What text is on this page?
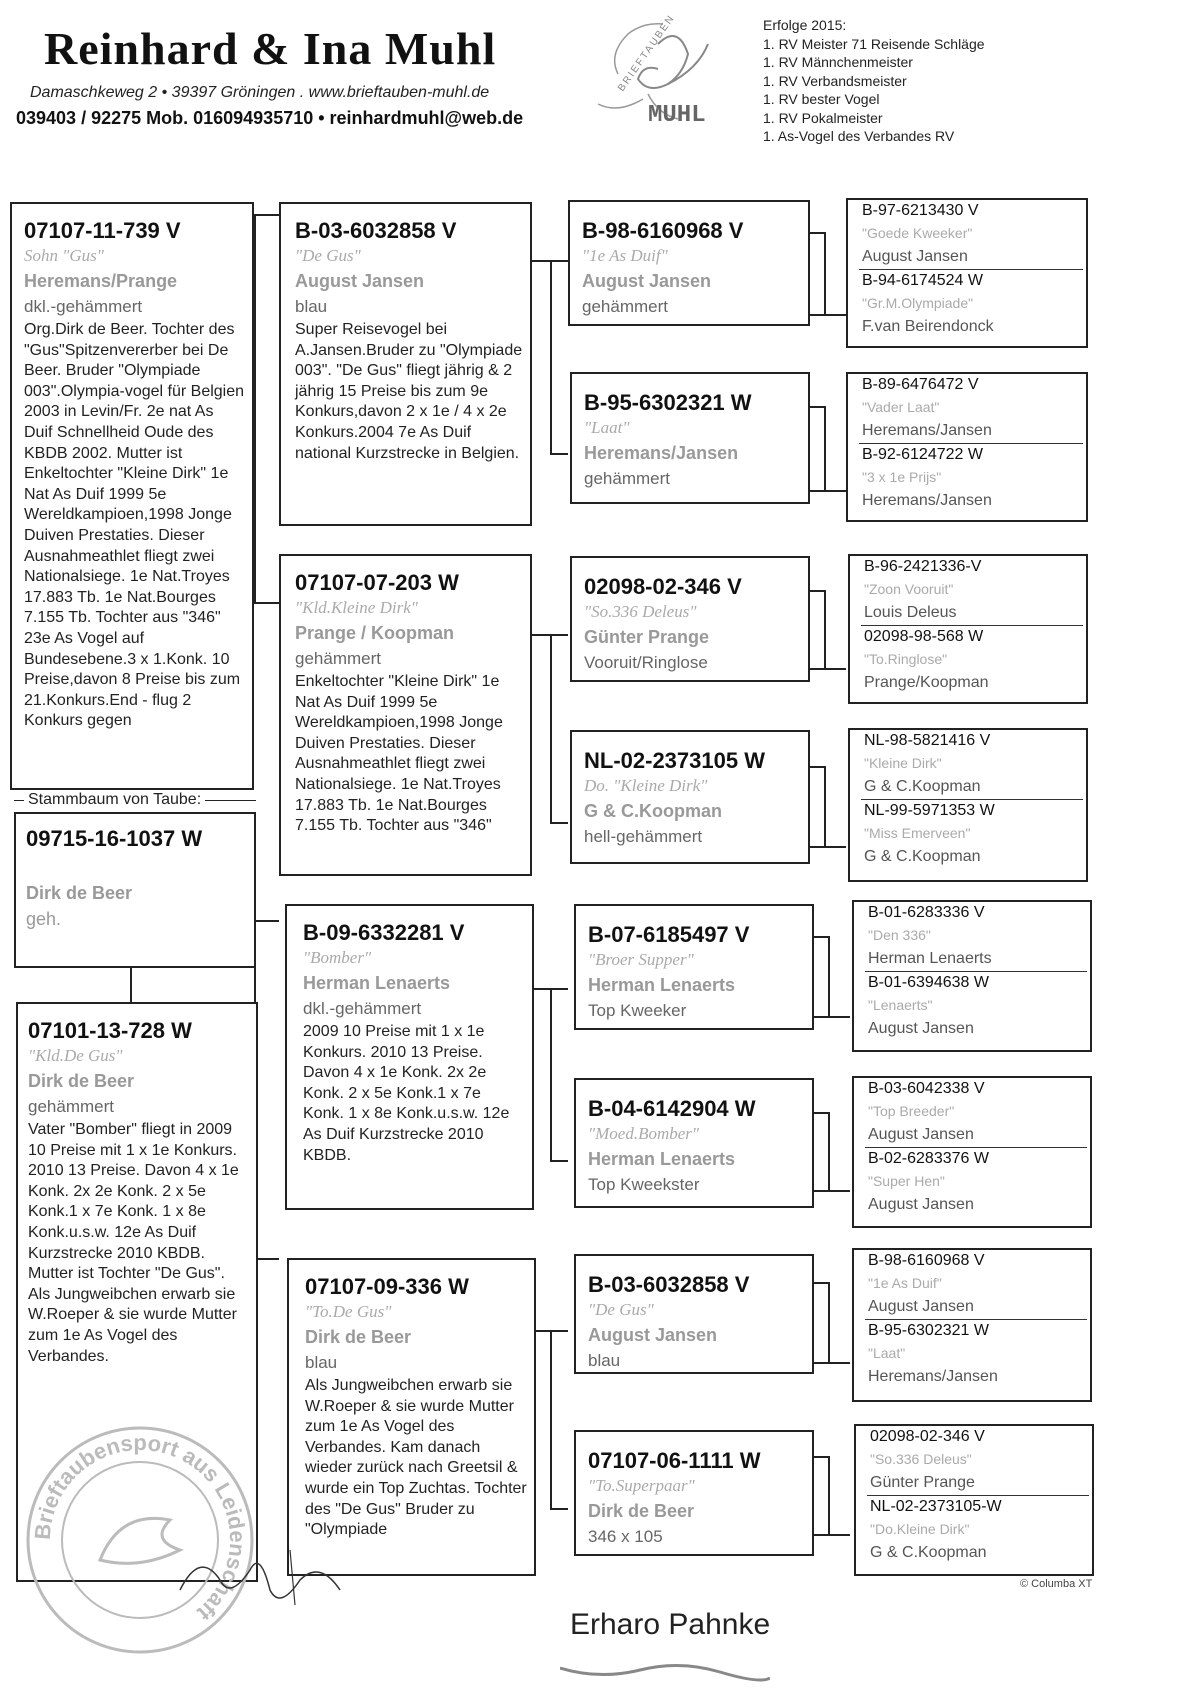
Reinhard & Ina Muhl
Damaschkeweg 2 • 39397 Gröningen . www.brieftauben-muhl.de
039403 / 92275 Mob. 016094935710 • reinhardmuhl@web.de
BRIEFTAUBEN
MUHL
Erfolge 2015:
1. RV Meister 71 Reisende Schläge
1. RV Männchenmeister
1. RV Verbandsmeister
1. RV bester Vogel
1. RV Pokalmeister
1. As-Vogel des Verbandes RV
07107-11-739 V
Sohn "Gus"
Heremans/Prange
dkl.-gehämmert
Org.Dirk de Beer. Tochter des "Gus"Spitzenvererber bei De Beer. Bruder "Olympiade 003".Olympia-vogel für Belgien 2003 in Levin/Fr. 2e nat As Duif Schnellheid Oude des KBDB 2002. Mutter ist Enkeltochter "Kleine Dirk" 1e Nat As Duif 1999 5e Wereldkampioen,1998 Jonge Duiven Prestaties. Dieser Ausnahmeathlet fliegt zwei Nationalsiege. 1e Nat.Troyes 17.883 Tb. 1e Nat.Bourges 7.155 Tb. Tochter aus "346" 23e As Vogel auf Bundesebene.3 x 1.Konk. 10 Preise,davon 8 Preise bis zum 21.Konkurs.End - flug 2 Konkurs gegen
Stammbaum von Taube:
09715-16-1037 W
Dirk de Beer
geh.
07101-13-728 W
"Kld.De Gus"
Dirk de Beer
gehämmert
Vater "Bomber" fliegt in 2009 10 Preise mit 1 x 1e Konkurs. 2010 13 Preise. Davon 4 x 1e Konk. 2x 2e Konk. 2 x 5e Konk.1 x 7e Konk. 1 x 8e Konk.u.s.w. 12e As Duif Kurzstrecke 2010 KBDB. Mutter ist Tochter "De Gus". Als Jungweibchen erwarb sie W.Roeper & sie wurde Mutter zum 1e As Vogel des Verbandes.
B-03-6032858 V
"De Gus"
August Jansen
blau
Super Reisevogel bei A.Jansen.Bruder zu "Olympiade 003". "De Gus" fliegt jährig & 2 jährig 15 Preise bis zum 9e Konkurs,davon 2 x 1e / 4 x 2e Konkurs.2004 7e As Duif national Kurzstrecke in Belgien.
07107-07-203 W
"Kld.Kleine Dirk"
Prange / Koopman
gehämmert
Enkeltochter "Kleine Dirk" 1e Nat As Duif 1999 5e Wereldkampioen,1998 Jonge Duiven Prestaties. Dieser Ausnahmeathlet fliegt zwei Nationalsiege. 1e Nat.Troyes 17.883 Tb. 1e Nat.Bourges 7.155 Tb. Tochter aus "346"
B-09-6332281 V
"Bomber"
Herman Lenaerts
dkl.-gehämmert
2009 10 Preise mit 1 x 1e Konkurs. 2010 13 Preise. Davon 4 x 1e Konk. 2x 2e Konk. 2 x 5e Konk.1 x 7e Konk. 1 x 8e Konk.u.s.w. 12e As Duif Kurzstrecke 2010 KBDB.
07107-09-336 W
"To.De Gus"
Dirk de Beer
blau
Als Jungweibchen erwarb sie W.Roeper & sie wurde Mutter zum 1e As Vogel des Verbandes. Kam danach wieder zurück nach Greetsil & wurde ein Top Zuchtas. Tochter des "De Gus" Bruder zu "Olympiade
B-98-6160968 V
"1e As Duif"
August Jansen
gehämmert
B-95-6302321 W
"Laat"
Heremans/Jansen
gehämmert
02098-02-346 V
"So.336 Deleus"
Günter Prange
Vooruit/Ringlose
NL-02-2373105 W
Do. "Kleine Dirk"
G & C.Koopman
hell-gehämmert
B-07-6185497 V
"Broer Supper"
Herman Lenaerts
Top Kweeker
B-04-6142904 W
"Moed.Bomber"
Herman Lenaerts
Top Kweekster
B-03-6032858 V
"De Gus"
August Jansen
blau
07107-06-1111 W
"To.Superpaar"
Dirk de Beer
346 x 105
B-97-6213430 V
"Goede Kweeker"
August Jansen
B-94-6174524 W
"Gr.M.Olympiade"
F.van Beirendonck
B-89-6476472 V
"Vader Laat"
Heremans/Jansen
B-92-6124722 W
"3 x 1e Prijs"
Heremans/Jansen
B-96-2421336-V
"Zoon Vooruit"
Louis Deleus
02098-98-568 W
"To.Ringlose"
Prange/Koopman
NL-98-5821416 V
"Kleine Dirk"
G & C.Koopman
NL-99-5971353 W
"Miss Emerveen"
G & C.Koopman
B-01-6283336 V
"Den 336"
Herman Lenaerts
B-01-6394638 W
"Lenaerts"
August Jansen
B-03-6042338 V
"Top Breeder"
August Jansen
B-02-6283376 W
"Super Hen"
August Jansen
B-98-6160968 V
"1e As Duif"
August Jansen
B-95-6302321 W
"Laat"
Heremans/Jansen
02098-02-346 V
"So.336 Deleus"
Günter Prange
NL-02-2373105-W
"Do.Kleine Dirk"
G & C.Koopman
© Columba XT
Brieftaubensport aus Leidenschaft	Erharo Pahnke
